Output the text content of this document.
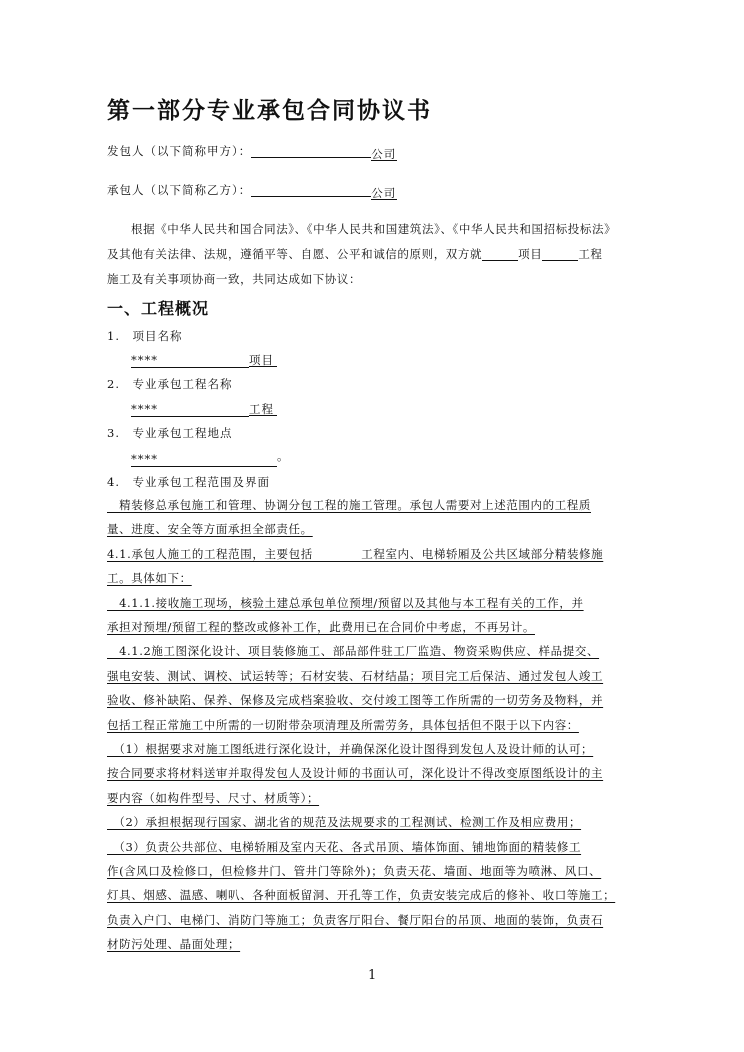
第一部分专业承包合同协议书
发包人（以下简称甲方）：	公司
承包人（以下简称乙方）：	公司
根据《中华人民共和国合同法》、《中华人民共和国建筑法》、《中华人民共和国招标投标法》
及其他有关法律、法规，遵循平等、自愿、公平和诚信的原则，双方就	项目	工程
施工及有关事项协商一致，共同达成如下协议：
一、工程概况
1.　 项目名称
****	项目
2.　 专业承包工程名称
****	工程
3.　 专业承包工程地点
****	。
4.　 专业承包工程范围及界面
　精装修总承包施工和管理、协调分包工程的施工管理。承包人需要对上述范围内的工程质
量、进度、安全等方面承担全部责任。
4.1.承包人施工的工程范围，主要包括　　　　工程室内、电梯轿厢及公共区域部分精装修施
工。具体如下：
　4.1.1.接收施工现场，核验土建总承包单位预埋/预留以及其他与本工程有关的工作，并
承担对预埋/预留工程的整改或修补工作，此费用已在合同价中考虑，不再另计。
　4.1.2施工图深化设计、项目装修施工、部品部件驻工厂监造、物资采购供应、样品提交、
强电安装、测试、调校、试运转等；石材安装、石材结晶；项目完工后保洁、通过发包人竣工
验收、修补缺陷、保养、保修及完成档案验收、交付竣工图等工作所需的一切劳务及物料，并
包括工程正常施工中所需的一切附带杂项清理及所需劳务，具体包括但不限于以下内容：
　（1）根据要求对施工图纸进行深化设计，并确保深化设计图得到发包人及设计师的认可；
按合同要求将材料送审并取得发包人及设计师的书面认可，深化设计不得改变原图纸设计的主
要内容（如构件型号、尺寸、材质等）；
　（2）承担根据现行国家、湖北省的规范及法规要求的工程测试、检测工作及相应费用；
　（3）负责公共部位、电梯轿厢及室内天花、各式吊顶、墙体饰面、铺地饰面的精装修工
作(含风口及检修口，但检修井门、管井门等除外)；负责天花、墙面、地面等为喷淋、风口、
灯具、烟感、温感、喇叭、各种面板留洞、开孔等工作，负责安装完成后的修补、收口等施工；
负责入户门、电梯门、消防门等施工；负责客厅阳台、餐厅阳台的吊顶、地面的装饰，负责石
材防污处理、晶面处理；
1
